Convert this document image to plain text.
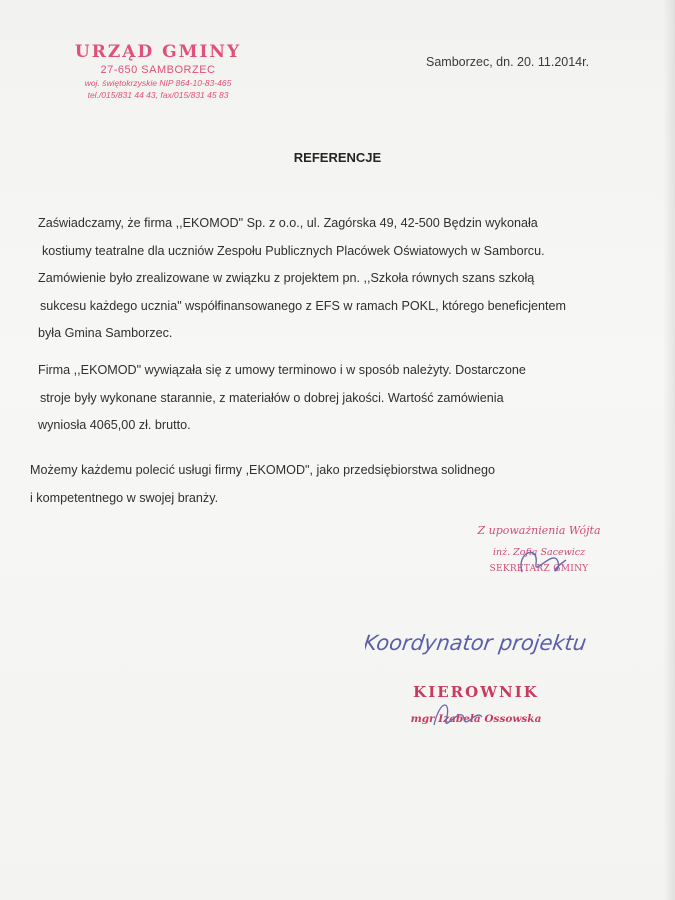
URZĄD GMINY
27-650 SAMBORZEC
woj. świętokrzyskie NIP 864-10-83-465
tel./015/831 44 43, fax/015/831 45 83
Samborzec, dn. 20. 11.2014r.
REFERENCJE
Zaświadczamy, że firma ,,EKOMOD" Sp. z o.o., ul. Zagórska 49, 42-500 Będzin wykonała
kostiumy teatralne dla uczniów Zespołu Publicznych Placówek Oświatowych w Samborcu.
Zamówienie było zrealizowane w związku z projektem pn. ,,Szkoła równych szans szkołą
sukcesu każdego ucznia" współfinansowanego z EFS w ramach POKL, którego beneficjentem
była Gmina Samborzec.
Firma ,,EKOMOD" wywiązała się z umowy terminowo i w sposób należyty. Dostarczone
stroje były wykonane starannie, z materiałów o dobrej jakości. Wartość zamówienia
wyniosła 4065,00 zł. brutto.
Możemy każdemu polecić usługi firmy ,EKOMOD", jako przedsiębiorstwa solidnego
i kompetentnego w swojej branży.
Z upoważnienia Wójta
inż. Zofia Sacewicz
SEKRETARZ GMINY
Koordynator projektu
KIEROWNIK
mgr Izabela Ossowska
